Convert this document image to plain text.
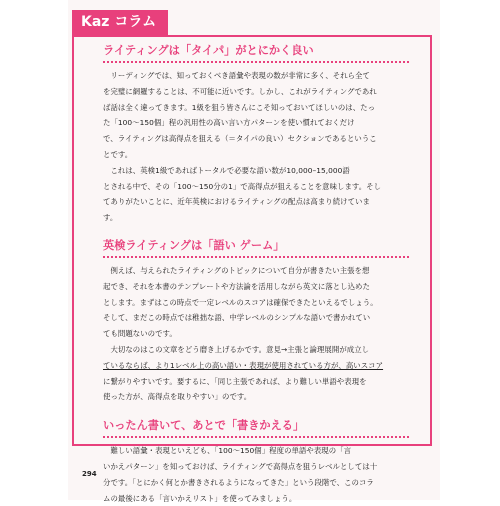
Kaz コラム
ライティングは「タイパ」がとにかく良い

　リーディングでは、知っておくべき語彙や表現の数が非常に多く、それら全て

を完璧に網羅することは、不可能に近いです。しかし、これがライティングであれ

ば話は全く違ってきます。1級を狙う皆さんにこそ知っておいてほしいのは、たっ

た「100～150個」程の汎用性の高い言い方パターンを使い慣れておくだけ

で、ライティングは高得点を狙える（＝タイパの良い）セクションであるというこ

とです。

　これは、英検1級であればトータルで必要な語い数が10,000–15,000語

とされる中で、その「100～150分の1」で高得点が狙えることを意味します。そし

てありがたいことに、近年英検におけるライティングの配点は高まり続けていま

す。

英検ライティングは「語い ゲーム」

　例えば、与えられたライティングのトピックについて自分が書きたい主張を想

起でき、それを本書のテンプレートや方法論を活用しながら英文に落とし込めた

とします。まずはこの時点で一定レベルのスコアは確保できたといえるでしょう。

そして、まだこの時点では稚拙な語、中学レベルのシンプルな語いで書かれてい

ても問題ないのです。

　大切なのはこの文章をどう磨き上げるかです。意見→主張と論理展開が成立し

ているならば、より1レベル上の高い語い・表現が使用されている方が、高いスコア

に繋がりやすいです。要するに、「同じ主張であれば、より難しい単語や表現を

使った方が、高得点を取りやすい」のです。

いったん書いて、あとで「書きかえる」

　難しい語彙・表現といえども、「100～150個」程度の単語や表現の「言

いかえパターン」を知っておけば、ライティングで高得点を狙うレベルとしては十

分です。「とにかく何とか書きされるようになってきた」という段階で、このコラ

ムの最後にある「言いかえリスト」を使ってみましょう。

294
